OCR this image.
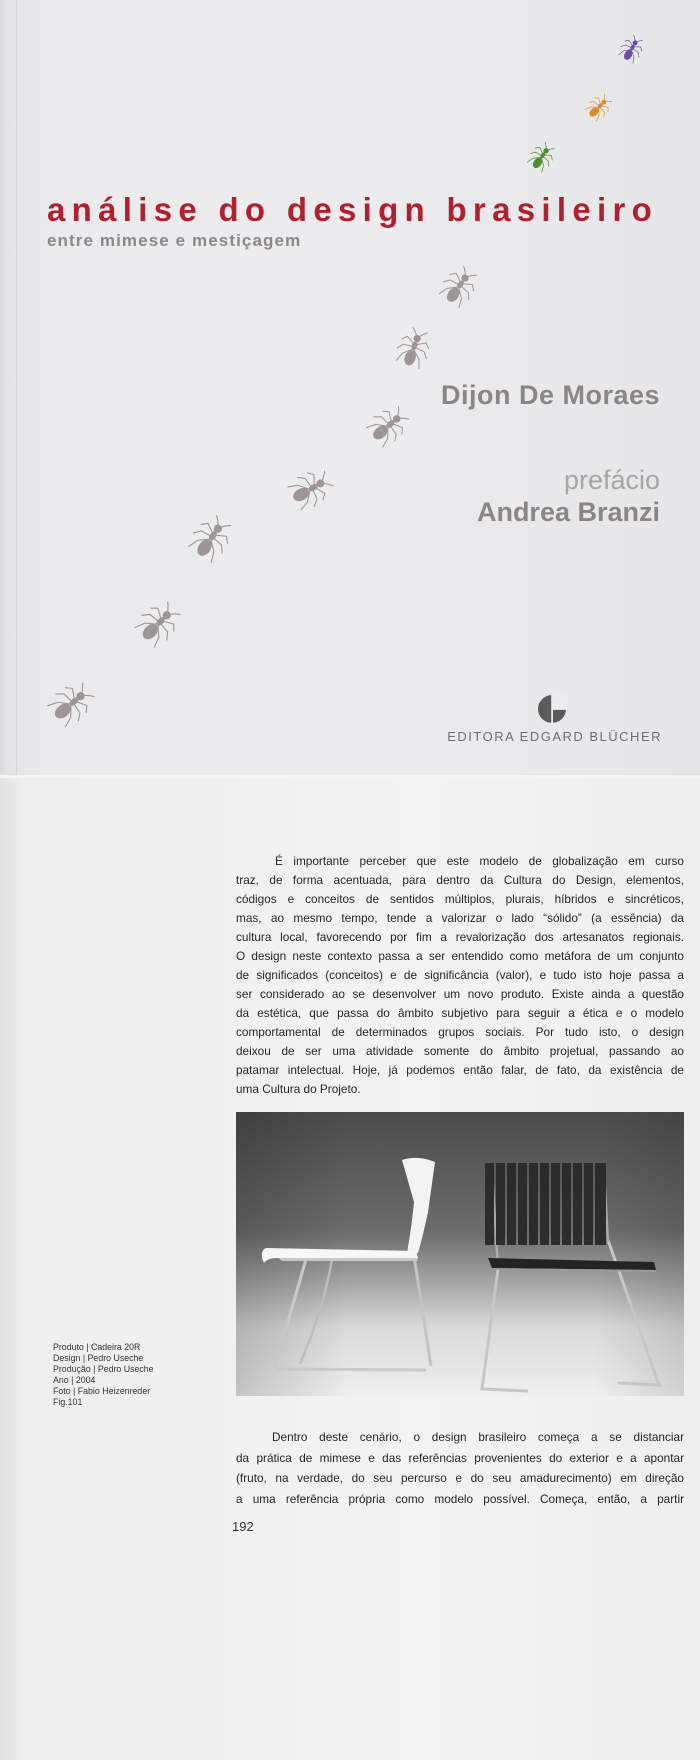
análise do design brasileiro
entre mimese e mestiçagem
Dijon De Moraes
prefácio
Andrea Branzi
EDITORA EDGARD BLÜCHER
É importante perceber que este modelo de globalização em curso
traz, de forma acentuada, para dentro da Cultura do Design, elementos,
códigos e conceitos de sentidos múltiplos, plurais, híbridos e sincréticos,
mas, ao mesmo tempo, tende a valorizar o lado “sólido” (a essência) da
cultura local, favorecendo por fim a revalorização dos artesanatos regionais.
O design neste contexto passa a ser entendido como metáfora de um conjunto
de significados (conceitos) e de significância (valor), e tudo isto hoje passa a
ser considerado ao se desenvolver um novo produto. Existe ainda a questão
da estética, que passa do âmbito subjetivo para seguir a ética e o modelo
comportamental de determinados grupos sociais. Por tudo isto, o design
deixou de ser uma atividade somente do âmbito projetual, passando ao
patamar intelectual. Hoje, já podemos então falar, de fato, da existência de
uma Cultura do Projeto.
Produto | Cadeira 20R
Design | Pedro Useche
Produção | Pedro Useche
Ano | 2004
Foto | Fabio Heizenreder
Fig.101
Dentro deste cenário, o design brasileiro começa a se distanciar
da prática de mimese e das referências provenientes do exterior e a apontar
(fruto, na verdade, do seu percurso e do seu amadurecimento) em direção
a uma referência própria como modelo possível. Começa, então, a partir
192
